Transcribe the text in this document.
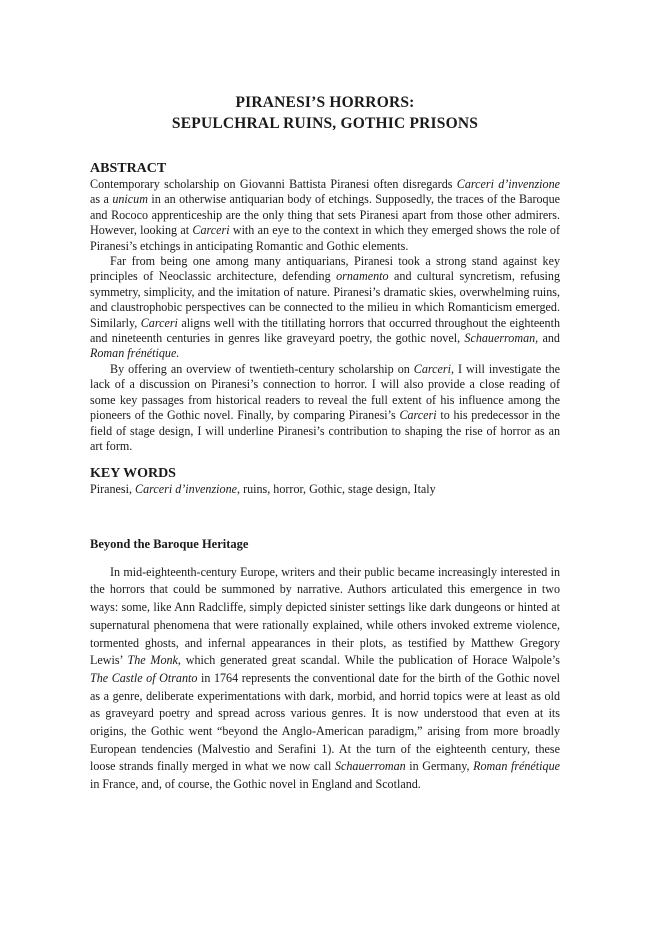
PIRANESI’S HORRORS:
SEPULCHRAL RUINS, GOTHIC PRISONS
ABSTRACT

Contemporary scholarship on Giovanni Battista Piranesi often disregards Carceri d’invenzione as a unicum in an otherwise antiquarian body of etchings. Supposedly, the traces of the Baroque and Rococo apprenticeship are the only thing that sets Piranesi apart from those other admirers. However, looking at Carceri with an eye to the context in which they emerged shows the role of Piranesi’s etchings in anticipating Romantic and Gothic elements.

Far from being one among many antiquarians, Piranesi took a strong stand against key principles of Neoclassic architecture, defending ornamento and cultural syncretism, refusing symmetry, simplicity, and the imitation of nature. Piranesi’s dramatic skies, overwhelming ruins, and claustrophobic perspectives can be connected to the milieu in which Romanticism emerged. Similarly, Carceri aligns well with the titillating horrors that occurred throughout the eighteenth and nineteenth centuries in genres like graveyard poetry, the gothic novel, Schauerroman, and Roman frénétique.

By offering an overview of twentieth-century scholarship on Carceri, I will investigate the lack of a discussion on Piranesi’s connection to horror. I will also provide a close reading of some key passages from historical readers to reveal the full extent of his influence among the pioneers of the Gothic novel. Finally, by comparing Piranesi’s Carceri to his predecessor in the field of stage design, I will underline Piranesi’s contribution to shaping the rise of horror as an art form.

KEY WORDS

Piranesi, Carceri d’invenzione, ruins, horror, Gothic, stage design, Italy

Beyond the Baroque Heritage

In mid-eighteenth-century Europe, writers and their public became increasingly interested in the horrors that could be summoned by narrative. Authors articulated this emergence in two ways: some, like Ann Radcliffe, simply depicted sinister settings like dark dungeons or hinted at supernatural phenomena that were rationally explained, while others invoked extreme violence, tormented ghosts, and infernal appearances in their plots, as testified by Matthew Gregory Lewis’ The Monk, which generated great scandal. While the publication of Horace Walpole’s The Castle of Otranto in 1764 represents the conventional date for the birth of the Gothic novel as a genre, deliberate experimentations with dark, morbid, and horrid topics were at least as old as graveyard poetry and spread across various genres. It is now understood that even at its origins, the Gothic went “beyond the Anglo-American paradigm,” arising from more broadly European tendencies (Malvestio and Serafini 1). At the turn of the eighteenth century, these loose strands finally merged in what we now call Schauerroman in Germany, Roman frénétique in France, and, of course, the Gothic novel in England and Scotland.
